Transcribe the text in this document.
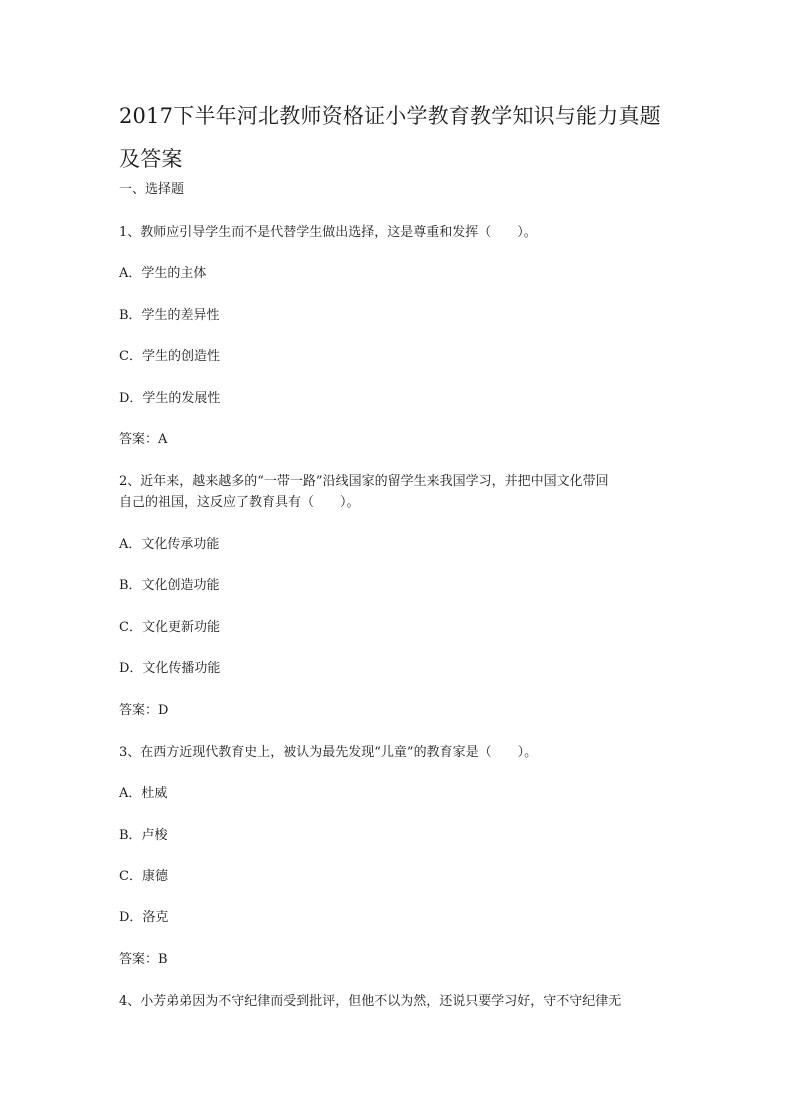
2017下半年河北教师资格证小学教育教学知识与能力真题
及答案
一、选择题
1、教师应引导学生而不是代替学生做出选择，这是尊重和发挥（　　）。
A．学生的主体
B．学生的差异性
C．学生的创造性
D．学生的发展性
答案：A
2、近年来，越来越多的“一带一路”沿线国家的留学生来我国学习，并把中国文化带回
自己的祖国，这反应了教育具有（　　）。
A．文化传承功能
B．文化创造功能
C．文化更新功能
D．文化传播功能
答案：D
3、在西方近现代教育史上，被认为最先发现“儿童”的教育家是（　　）。
A．杜威
B．卢梭
C．康德
D．洛克
答案：B
4、小芳弟弟因为不守纪律而受到批评，但他不以为然，还说只要学习好，守不守纪律无
